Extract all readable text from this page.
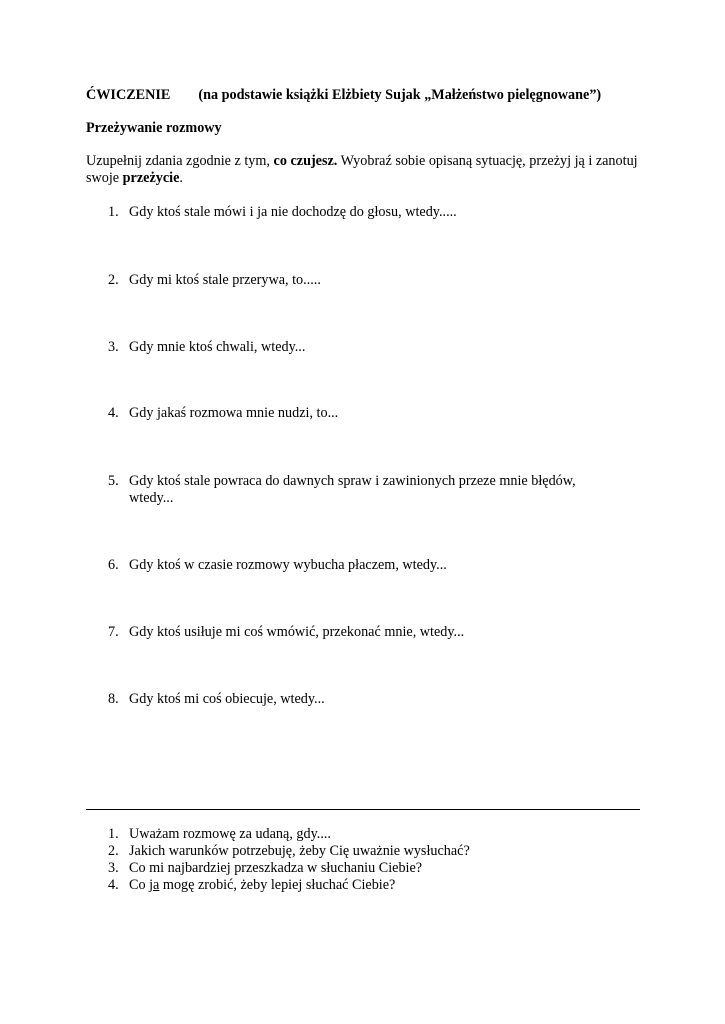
ĆWICZENIE (na podstawie książki Elżbiety Sujak „Małżeństwo pielęgnowane”)
Przeżywanie rozmowy
Uzupełnij zdania zgodnie z tym, co czujesz. Wyobraź sobie opisaną sytuację, przeżyj ją i zanotuj swoje przeżycie.
1. Gdy ktoś stale mówi i ja nie dochodzę do głosu, wtedy.....
2. Gdy mi ktoś stale przerywa, to.....
3. Gdy mnie ktoś chwali, wtedy...
4. Gdy jakaś rozmowa mnie nudzi, to...
5. Gdy ktoś stale powraca do dawnych spraw i zawinionych przeze mnie błędów, wtedy...
6. Gdy ktoś w czasie rozmowy wybucha płaczem, wtedy...
7. Gdy ktoś usiłuje mi coś wmówić, przekonać mnie, wtedy...
8. Gdy ktoś mi coś obiecuje, wtedy...
1. Uważam rozmowę za udaną, gdy....
2. Jakich warunków potrzebuję, żeby Cię uważnie wysłuchać?
3. Co mi najbardziej przeszkadza w słuchaniu Ciebie?
4. Co ja mogę zrobić, żeby lepiej słuchać Ciebie?
